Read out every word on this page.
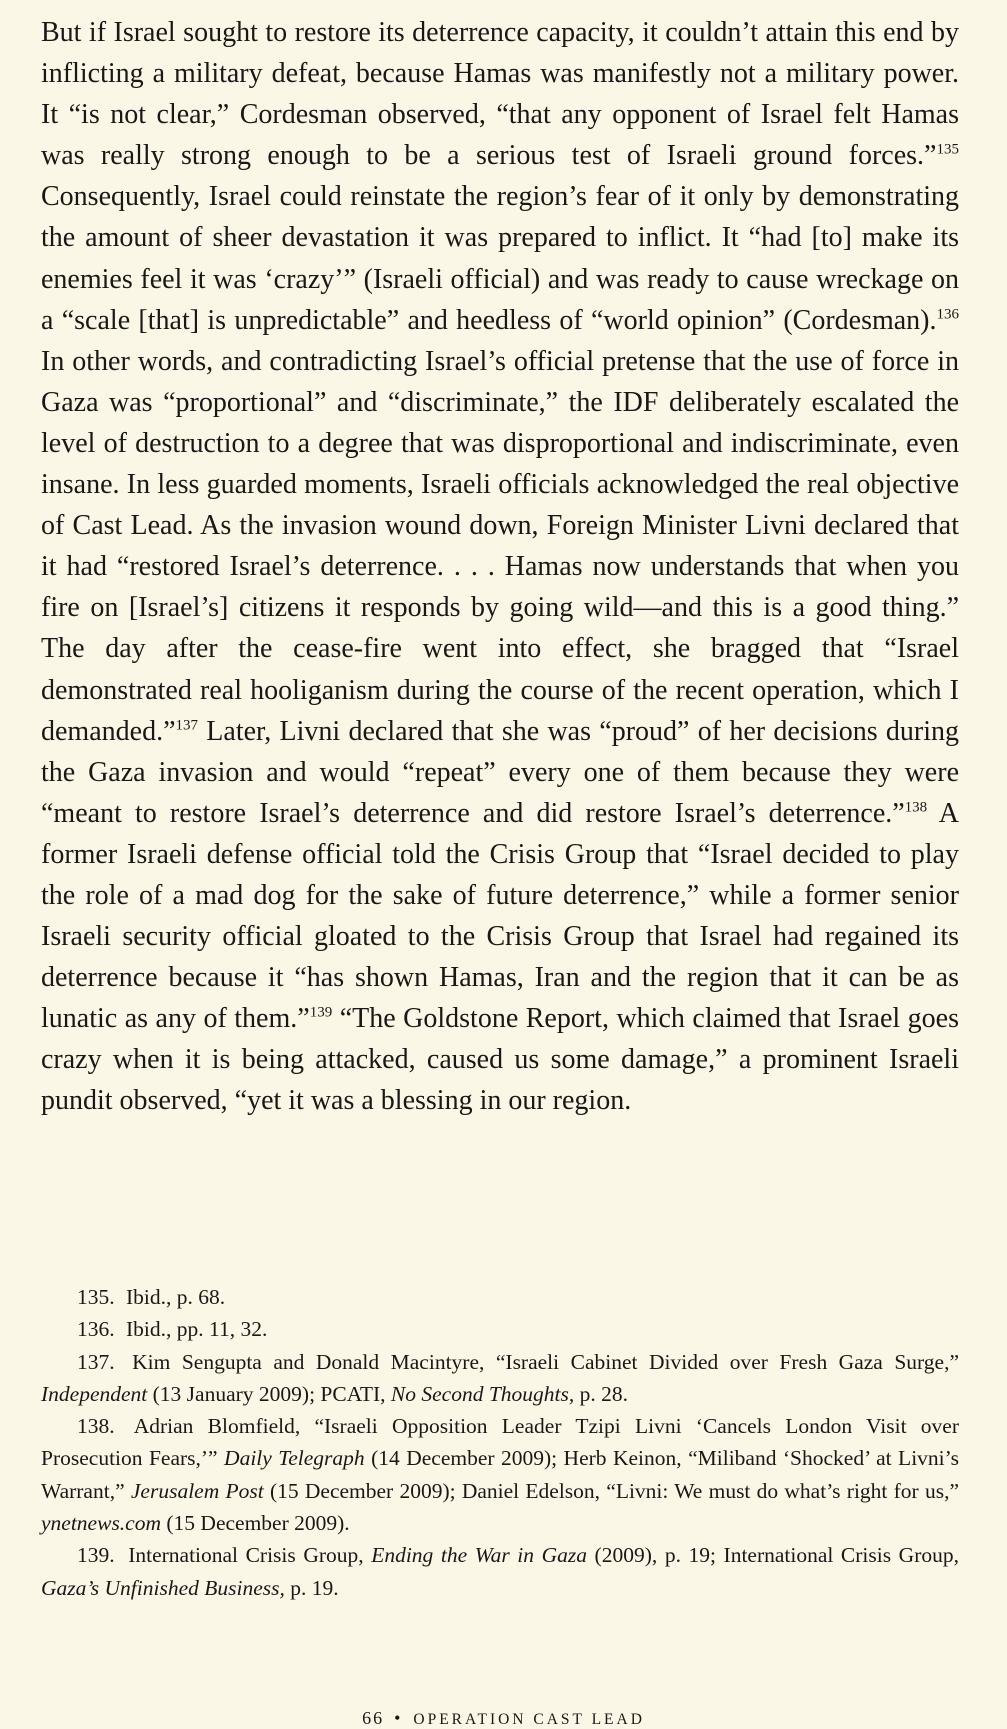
But if Israel sought to restore its deterrence capacity, it couldn’t attain this end by inflicting a military defeat, because Hamas was manifestly not a military power. It “is not clear,” Cordesman observed, “that any opponent of Israel felt Hamas was really strong enough to be a serious test of Israeli ground forces.”$^{135}$ Consequently, Israel could reinstate the region’s fear of it only by demonstrating the amount of sheer devastation it was prepared to inflict. It “had [to] make its enemies feel it was ‘crazy’” (Israeli official) and was ready to cause wreckage on a “scale [that] is unpredictable” and heedless of “world opinion” (Cordesman).$^{136}$ In other words, and contradicting Israel’s official pretense that the use of force in Gaza was “proportional” and “discriminate,” the IDF deliberately escalated the level of destruction to a degree that was disproportional and indiscriminate, even insane. In less guarded moments, Israeli officials acknowledged the real objective of Cast Lead. As the invasion wound down, Foreign Minister Livni declared that it had “restored Israel’s deterrence. . . . Hamas now understands that when you fire on [Israel’s] citizens it responds by going wild—and this is a good thing.” The day after the cease-fire went into effect, she bragged that “Israel demonstrated real hooliganism during the course of the recent operation, which I demanded.”$^{137}$ Later, Livni declared that she was “proud” of her decisions during the Gaza invasion and would “repeat” every one of them because they were “meant to restore Israel’s deterrence and did restore Israel’s deterrence.”$^{138}$ A former Israeli defense official told the Crisis Group that “Israel decided to play the role of a mad dog for the sake of future deterrence,” while a former senior Israeli security official gloated to the Crisis Group that Israel had regained its deterrence because it “has shown Hamas, Iran and the region that it can be as lunatic as any of them.”$^{139}$ “The Goldstone Report, which claimed that Israel goes crazy when it is being attacked, caused us some damage,” a prominent Israeli pundit observed, “yet it was a blessing in our region.

135. Ibid., p. 68.

136. Ibid., pp. 11, 32.

137. Kim Sengupta and Donald Macintyre, “Israeli Cabinet Divided over Fresh Gaza Surge,” Independent (13 January 2009); PCATI, No Second Thoughts, p. 28.

138. Adrian Blomfield, “Israeli Opposition Leader Tzipi Livni ‘Cancels London Visit over Prosecution Fears,’” Daily Telegraph (14 December 2009); Herb Keinon, “Miliband ‘Shocked’ at Livni’s Warrant,” Jerusalem Post (15 December 2009); Daniel Edelson, “Livni: We must do what’s right for us,” ynetnews.com (15 December 2009).

139. International Crisis Group, Ending the War in Gaza (2009), p. 19; International Crisis Group, Gaza’s Unfinished Business, p. 19.

66 • OPERATION CAST LEAD
